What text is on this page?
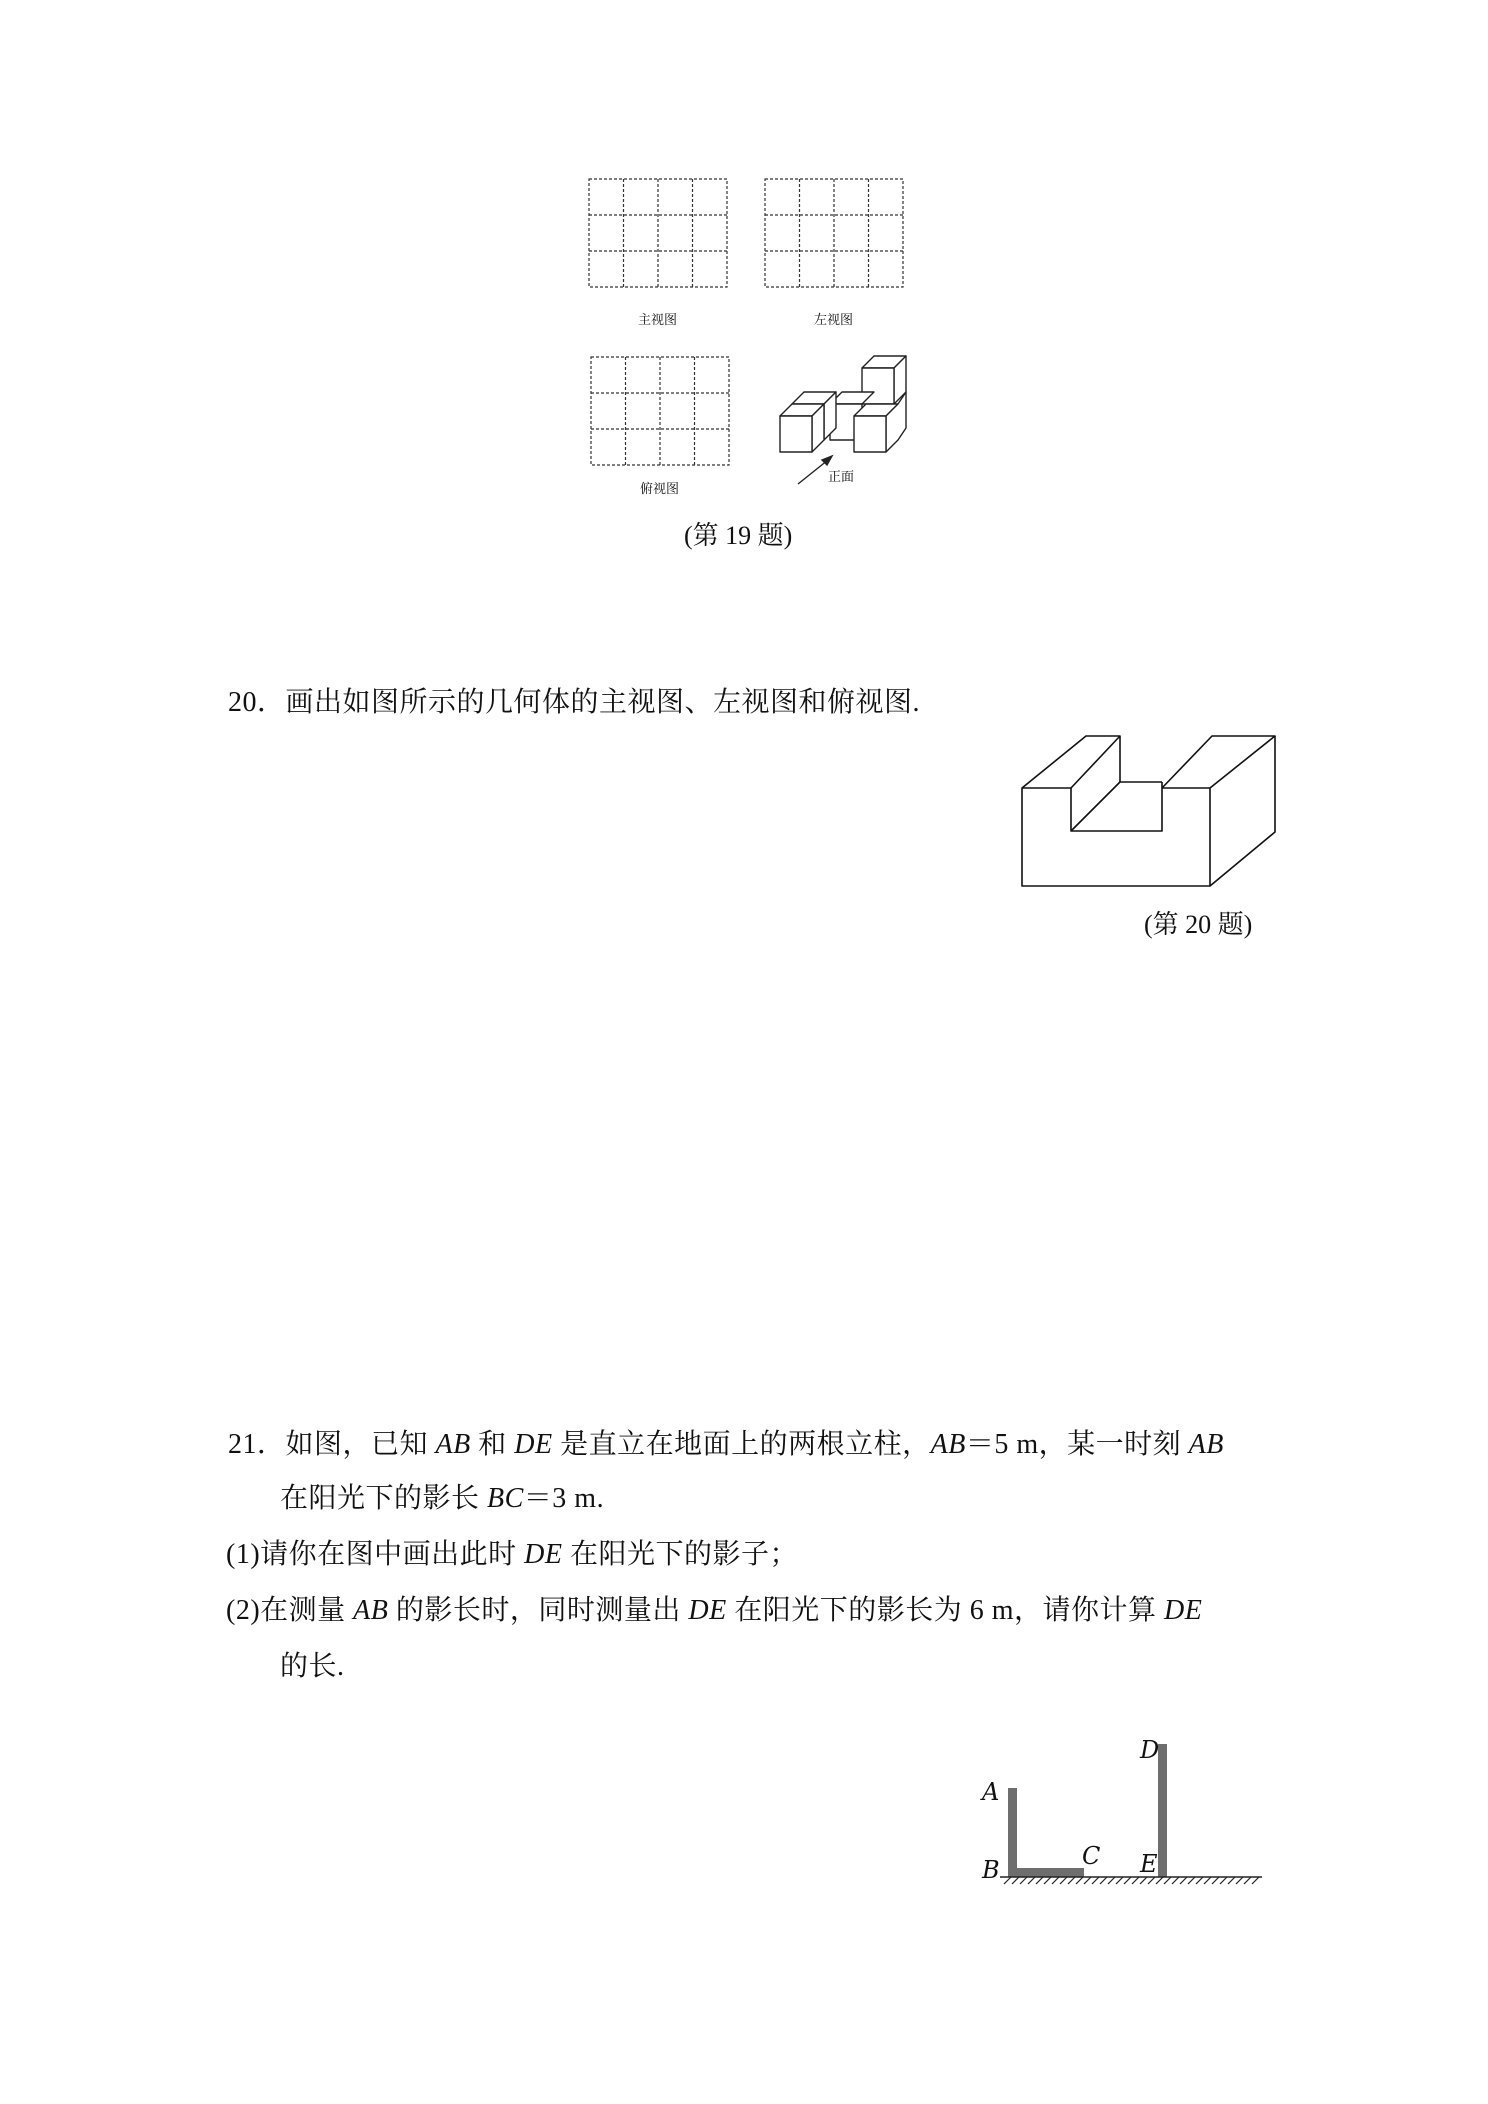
主视图	左视图
俯视图
正面
(第 19 题)
20．画出如图所示的几何体的主视图、左视图和俯视图.
(第 20 题)
21．如图，已知 AB 和 DE 是直立在地面上的两根立柱，AB＝5 m，某一时刻 AB
在阳光下的影长 BC＝3 m.
(1)请你在图中画出此时 DE 在阳光下的影子；
(2)在测量 AB 的影长时，同时测量出 DE 在阳光下的影长为 6 m，请你计算 DE
的长.
A
B	C
D
E
